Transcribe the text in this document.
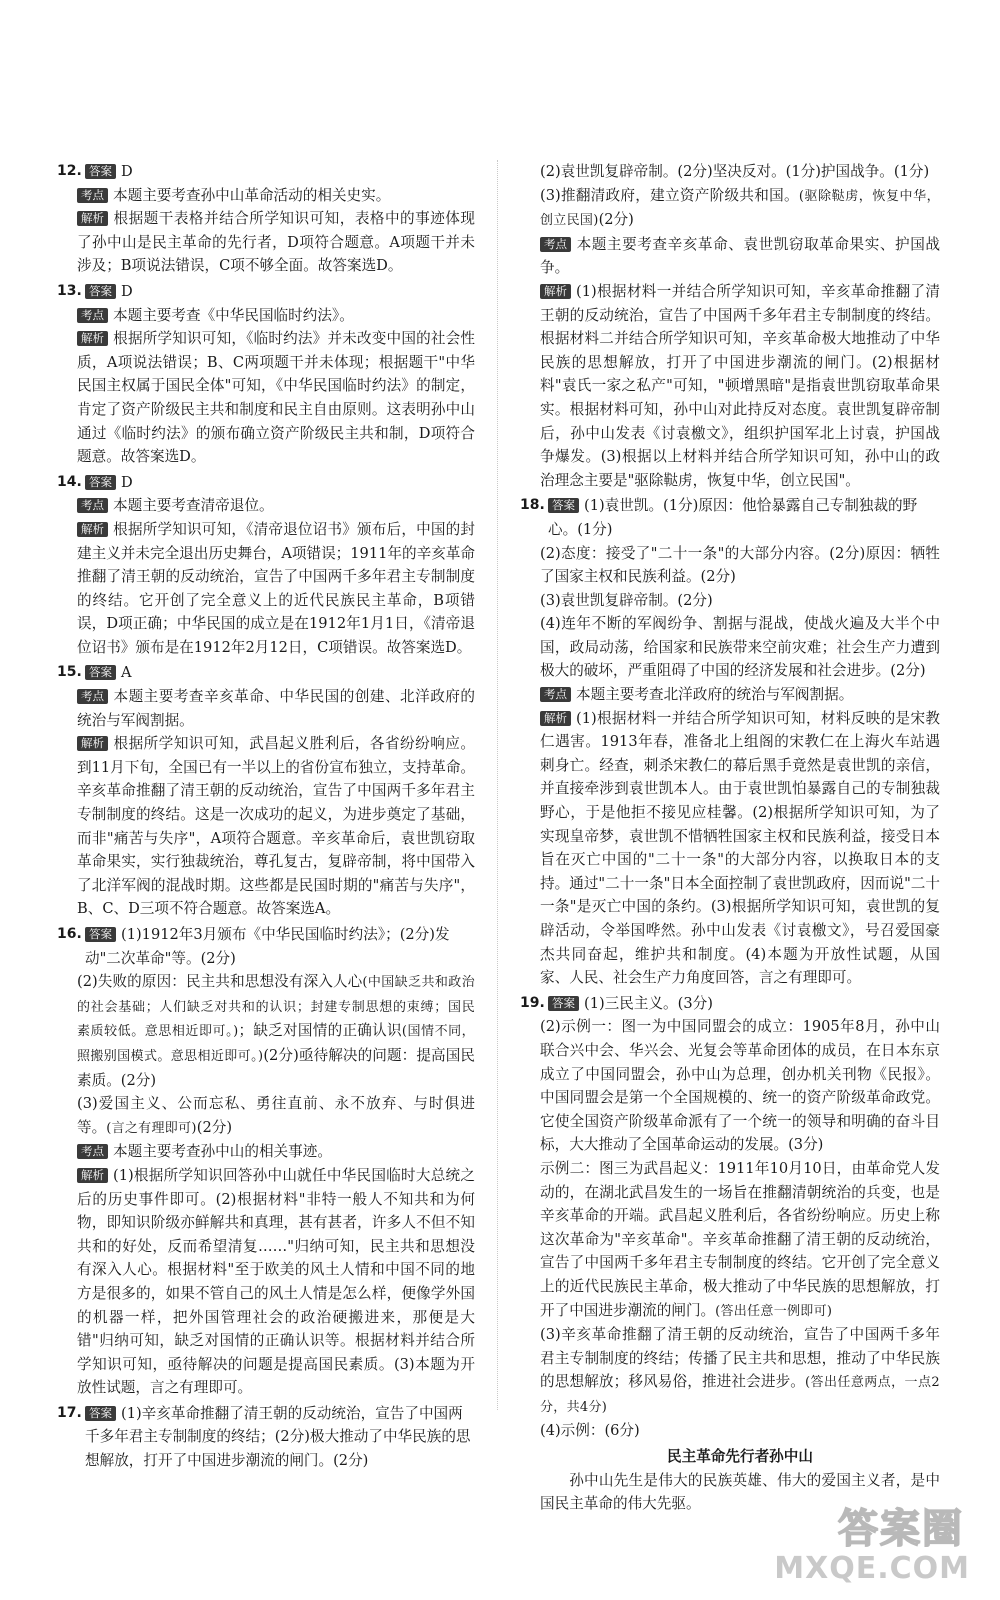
12. 答案 D
考点 本题主要考查孙中山革命活动的相关史实。
解析 根据题干表格并结合所学知识可知，表格中的事迹体现了孙中山是民主革命的先行者，D项符合题意。A项题干并未涉及；B项说法错误，C项不够全面。故答案选D。
13. 答案 D
考点 本题主要考查《中华民国临时约法》。
解析 根据所学知识可知，《临时约法》并未改变中国的社会性质，A项说法错误；B、C两项题干并未体现；根据题干"中华民国主权属于国民全体"可知，《中华民国临时约法》的制定，肯定了资产阶级民主共和制度和民主自由原则。这表明孙中山通过《临时约法》的颁布确立资产阶级民主共和制，D项符合题意。故答案选D。
14. 答案 D
考点 本题主要考查清帝退位。
解析 根据所学知识可知，《清帝退位诏书》颁布后，中国的封建主义并未完全退出历史舞台，A项错误；1911年的辛亥革命推翻了清王朝的反动统治，宣告了中国两千多年君主专制制度的终结。它开创了完全意义上的近代民族民主革命，B项错误，D项正确；中华民国的成立是在1912年1月1日，《清帝退位诏书》颁布是在1912年2月12日，C项错误。故答案选D。
15. 答案 A
考点 本题主要考查辛亥革命、中华民国的创建、北洋政府的统治与军阀割据。
解析 根据所学知识可知，武昌起义胜利后，各省纷纷响应。到11月下旬，全国已有一半以上的省份宣布独立，支持革命。辛亥革命推翻了清王朝的反动统治，宣告了中国两千多年君主专制制度的终结。这是一次成功的起义，为进步奠定了基础，而非"痛苦与失序"，A项符合题意。辛亥革命后，袁世凯窃取革命果实，实行独裁统治，尊孔复古，复辟帝制，将中国带入了北洋军阀的混战时期。这些都是民国时期的"痛苦与失序"，B、C、D三项不符合题意。故答案选A。
16. 答案 (1)1912年3月颁布《中华民国临时约法》；(2分)发动"二次革命"等。(2分)
(2)失败的原因：民主共和思想没有深入人心(中国缺乏共和政治的社会基础；人们缺乏对共和的认识；封建专制思想的束缚；国民素质较低。意思相近即可。)；缺乏对国情的正确认识(国情不同，照搬别国模式。意思相近即可。)(2分)亟待解决的问题：提高国民素质。(2分)
(3)爱国主义、公而忘私、勇往直前、永不放弃、与时俱进等。(言之有理即可)(2分)
考点 本题主要考查孙中山的相关事迹。
解析 (1)根据所学知识回答孙中山就任中华民国临时大总统之后的历史事件即可。(2)根据材料"非特一般人不知共和为何物，即知识阶级亦鲜解共和真理，甚有甚者，许多人不但不知共和的好处，反而希望清复……"归纳可知，民主共和思想没有深入人心。根据材料"至于欧美的风土人情和中国不同的地方是很多的，如果不管自己的风土人情是怎么样，便像学外国的机器一样，把外国管理社会的政治硬搬进来，那便是大错"归纳可知，缺乏对国情的正确认识等。根据材料并结合所学知识可知，亟待解决的问题是提高国民素质。(3)本题为开放性试题，言之有理即可。
17. 答案 (1)辛亥革命推翻了清王朝的反动统治，宣告了中国两千多年君主专制制度的终结；(2分)极大推动了中华民族的思想解放，打开了中国进步潮流的闸门。(2分)
(2)袁世凯复辟帝制。(2分)坚决反对。(1分)护国战争。(1分)
(3)推翻清政府，建立资产阶级共和国。(驱除鞑虏，恢复中华，创立民国)(2分)
考点 本题主要考查辛亥革命、袁世凯窃取革命果实、护国战争。
解析 (1)根据材料一并结合所学知识可知，辛亥革命推翻了清王朝的反动统治，宣告了中国两千多年君主专制制度的终结。根据材料二并结合所学知识可知，辛亥革命极大地推动了中华民族的思想解放，打开了中国进步潮流的闸门。(2)根据材料"袁氏一家之私产"可知，"顿增黑暗"是指袁世凯窃取革命果实。根据材料可知，孙中山对此持反对态度。袁世凯复辟帝制后，孙中山发表《讨袁檄文》，组织护国军北上讨袁，护国战争爆发。(3)根据以上材料并结合所学知识可知，孙中山的政治理念主要是"驱除鞑虏，恢复中华，创立民国"。
18. 答案 (1)袁世凯。(1分)原因：他恰暴露自己专制独裁的野心。(1分)
(2)态度：接受了"二十一条"的大部分内容。(2分)原因：牺牲了国家主权和民族利益。(2分)
(3)袁世凯复辟帝制。(2分)
(4)连年不断的军阀纷争、割据与混战，使战火遍及大半个中国，政局动荡，给国家和民族带来空前灾难；社会生产力遭到极大的破坏，严重阻碍了中国的经济发展和社会进步。(2分)
考点 本题主要考查北洋政府的统治与军阀割据。
解析 (1)根据材料一并结合所学知识可知，材料反映的是宋教仁遇害。1913年春，准备北上组阁的宋教仁在上海火车站遇刺身亡。经查，刺杀宋教仁的幕后黑手竟然是袁世凯的亲信，并直接牵涉到袁世凯本人。由于袁世凯怕暴露自己的专制独裁野心，于是他拒不接见应桂馨。(2)根据所学知识可知，为了实现皇帝梦，袁世凯不惜牺牲国家主权和民族利益，接受日本旨在灭亡中国的"二十一条"的大部分内容，以换取日本的支持。通过"二十一条"日本全面控制了袁世凯政府，因而说"二十一条"是灭亡中国的条约。(3)根据所学知识可知，袁世凯的复辟活动，令举国哗然。孙中山发表《讨袁檄文》，号召爱国豪杰共同奋起，维护共和制度。(4)本题为开放性试题，从国家、人民、社会生产力角度回答，言之有理即可。
19. 答案 (1)三民主义。(3分)
(2)示例一：图一为中国同盟会的成立：1905年8月，孙中山联合兴中会、华兴会、光复会等革命团体的成员，在日本东京成立了中国同盟会，孙中山为总理，创办机关刊物《民报》。中国同盟会是第一个全国规模的、统一的资产阶级革命政党。它使全国资产阶级革命派有了一个统一的领导和明确的奋斗目标，大大推动了全国革命运动的发展。(3分)
示例二：图三为武昌起义：1911年10月10日，由革命党人发动的，在湖北武昌发生的一场旨在推翻清朝统治的兵变，也是辛亥革命的开端。武昌起义胜利后，各省纷纷响应。历史上称这次革命为"辛亥革命"。辛亥革命推翻了清王朝的反动统治，宣告了中国两千多年君主专制制度的终结。它开创了完全意义上的近代民族民主革命，极大推动了中华民族的思想解放，打开了中国进步潮流的闸门。(答出任意一例即可)
(3)辛亥革命推翻了清王朝的反动统治，宣告了中国两千多年君主专制制度的终结；传播了民主共和思想，推动了中华民族的思想解放；移风易俗，推进社会进步。(答出任意两点，一点2分，共4分)
(4)示例：(6分)
民主革命先行者孙中山
孙中山先生是伟大的民族英雄、伟大的爱国主义者，是中国民主革命的伟大先驱。
答案圈
MXQE.COM
